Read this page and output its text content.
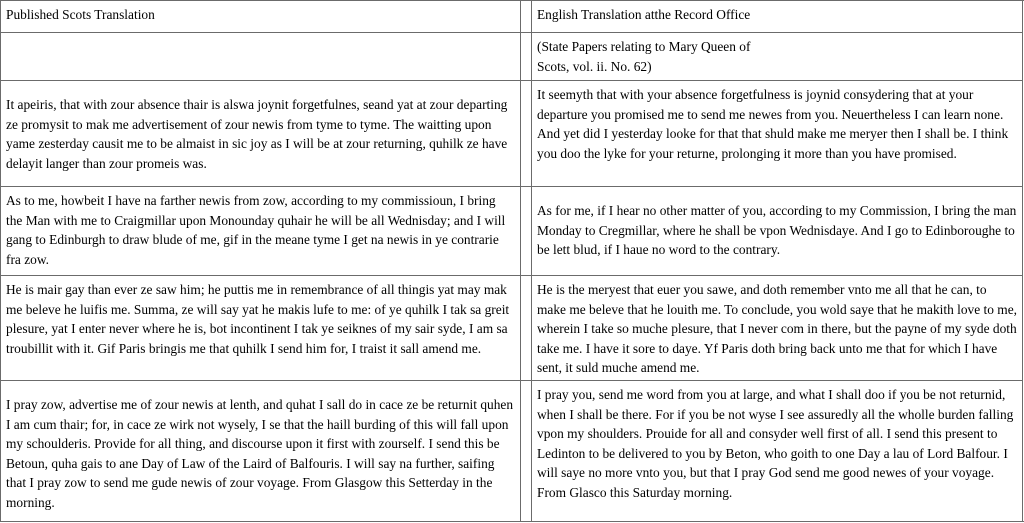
Published Scots Translation	English Translation atthe Record Office
(State Papers relating to Mary Queen of
Scots, vol. ii. No. 62)
It apeiris, that with zour absence thair is alswa joynit forgetfulnes, seand yat at zour departing ze promysit to mak me advertisement of zour newis from tyme to tyme. The waitting upon yame zesterday causit me to be almaist in sic joy as I will be at zour returning, quhilk ze have delayit langer than zour promeis was.
It seemyth that with your absence forgetfulness is joynid consydering that at your departure you promised me to send me newes from you. Neuertheless I can learn none. And yet did I yesterday looke for that that shuld make me meryer then I shall be. I think you doo the lyke for your returne, prolonging it more than you have promised.
As to me, howbeit I have na farther newis from zow, according to my commissioun, I bring the Man with me to Craigmillar upon Monounday quhair he will be all Wednisday; and I will gang to Edinburgh to draw blude of me, gif in the meane tyme I get na newis in ye contrarie fra zow.
As for me, if I hear no other matter of you, according to my Commission, I bring the man Monday to Cregmillar, where he shall be vpon Wednisdaye. And I go to Edinboroughe to be lett blud, if I haue no word to the contrary.
He is mair gay than ever ze saw him; he puttis me in remembrance of all thingis yat may mak me beleve he luifis me. Summa, ze will say yat he makis lufe to me: of ye quhilk I tak sa greit plesure, yat I enter never where he is, bot incontinent I tak ye seiknes of my sair syde, I am sa troubillit with it. Gif Paris bringis me that quhilk I send him for, I traist it sall amend me.
He is the meryest that euer you sawe, and doth remember vnto me all that he can, to make me beleve that he louith me. To conclude, you wold saye that he makith love to me, wherein I take so muche plesure, that I never com in there, but the payne of my syde doth take me. I have it sore to daye. Yf Paris doth bring back unto me that for which I have sent, it suld muche amend me.
I pray zow, advertise me of zour newis at lenth, and quhat I sall do in cace ze be returnit quhen I am cum thair; for, in cace ze wirk not wysely, I se that the haill burding of this will fall upon my schoulderis. Provide for all thing, and discourse upon it first with zourself. I send this be Betoun, quha gais to ane Day of Law of the Laird of Balfouris. I will say na further, saifing that I pray zow to send me gude newis of zour voyage. From Glasgow this Setterday in the morning.
I pray you, send me word from you at large, and what I shall doo if you be not returnid, when I shall be there. For if you be not wyse I see assuredly all the wholle burden falling vpon my shoulders. Prouide for all and consyder well first of all. I send this present to Ledinton to be delivered to you by Beton, who goith to one Day a lau of Lord Balfour. I will saye no more vnto you, but that I pray God send me good newes of your voyage.
From Glasco this Saturday morning.
